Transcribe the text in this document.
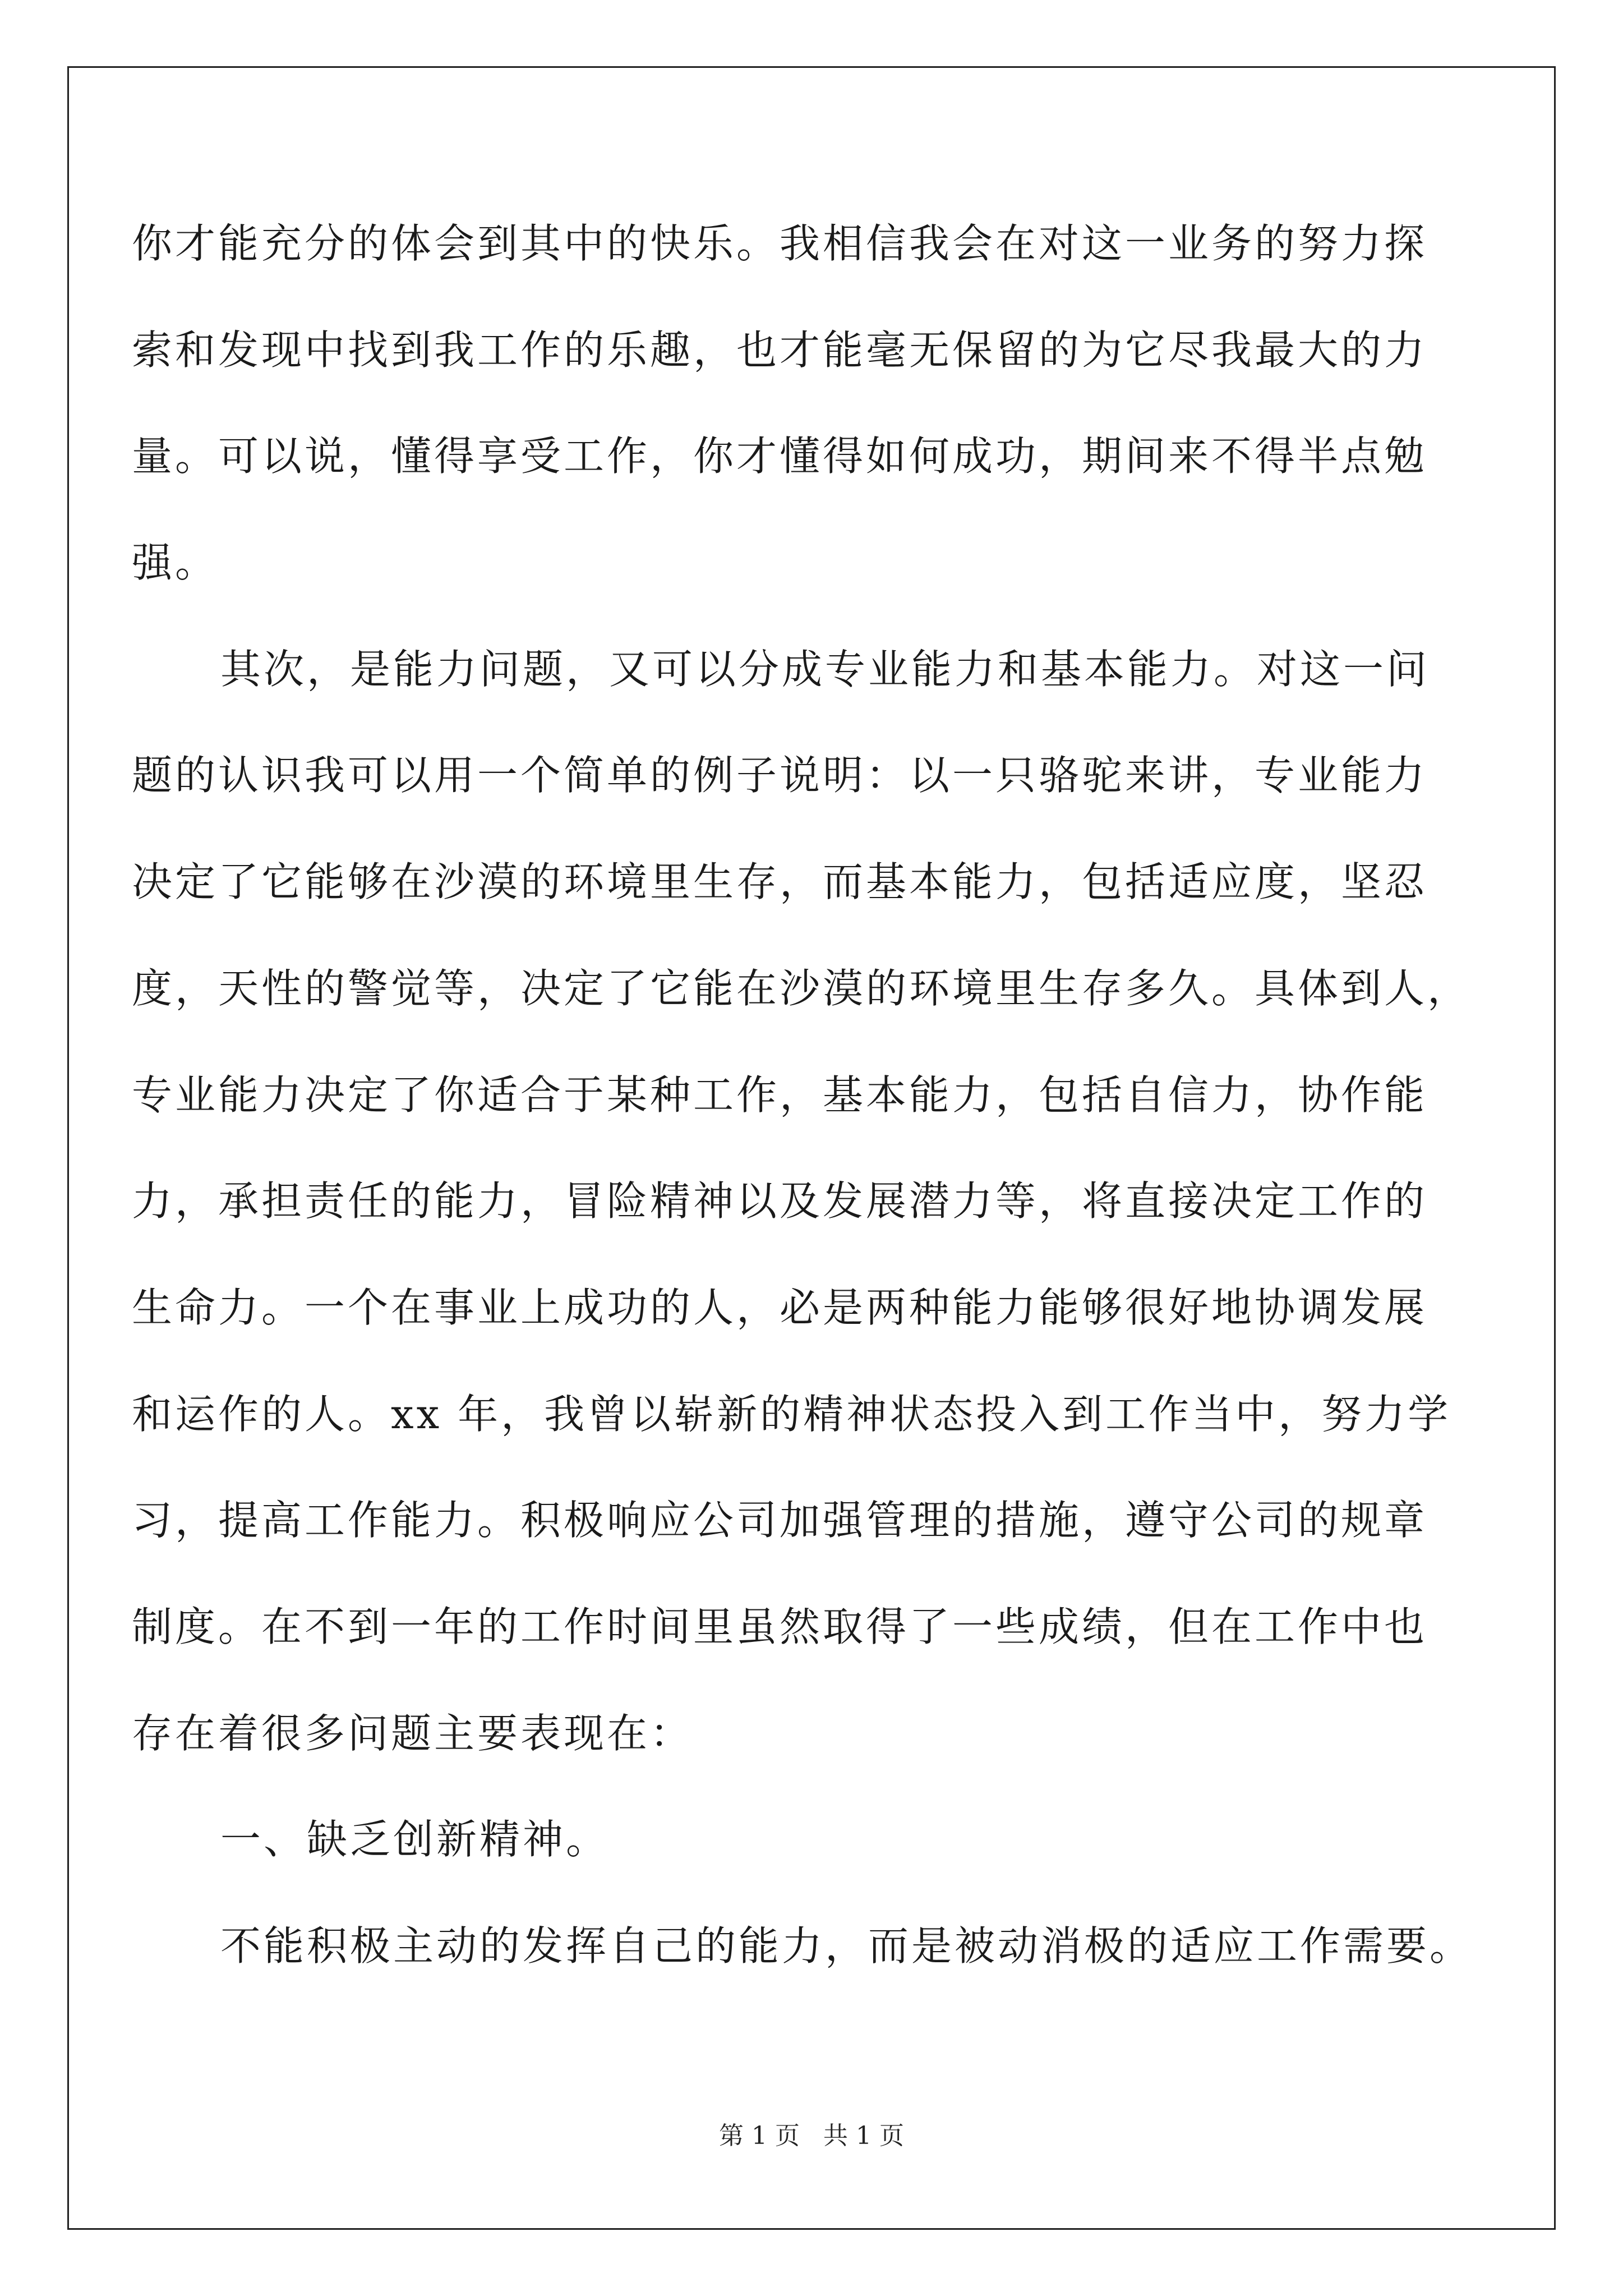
你才能充分的体会到其中的快乐。我相信我会在对这一业务的努力探
索和发现中找到我工作的乐趣，也才能毫无保留的为它尽我最大的力
量。可以说，懂得享受工作，你才懂得如何成功，期间来不得半点勉
强。
其次，是能力问题，又可以分成专业能力和基本能力。对这一问
题的认识我可以用一个简单的例子说明：以一只骆驼来讲，专业能力
决定了它能够在沙漠的环境里生存，而基本能力，包括适应度，坚忍
度，天性的警觉等，决定了它能在沙漠的环境里生存多久。具体到人，
专业能力决定了你适合于某种工作，基本能力，包括自信力，协作能
力，承担责任的能力，冒险精神以及发展潜力等，将直接决定工作的
生命力。一个在事业上成功的人，必是两种能力能够很好地协调发展
和运作的人。xx 年，我曾以崭新的精神状态投入到工作当中，努力学
习，提高工作能力。积极响应公司加强管理的措施，遵守公司的规章
制度。在不到一年的工作时间里虽然取得了一些成绩，但在工作中也
存在着很多问题主要表现在：
一、缺乏创新精神。
不能积极主动的发挥自己的能力，而是被动消极的适应工作需要。
第 1 页   共 1 页
